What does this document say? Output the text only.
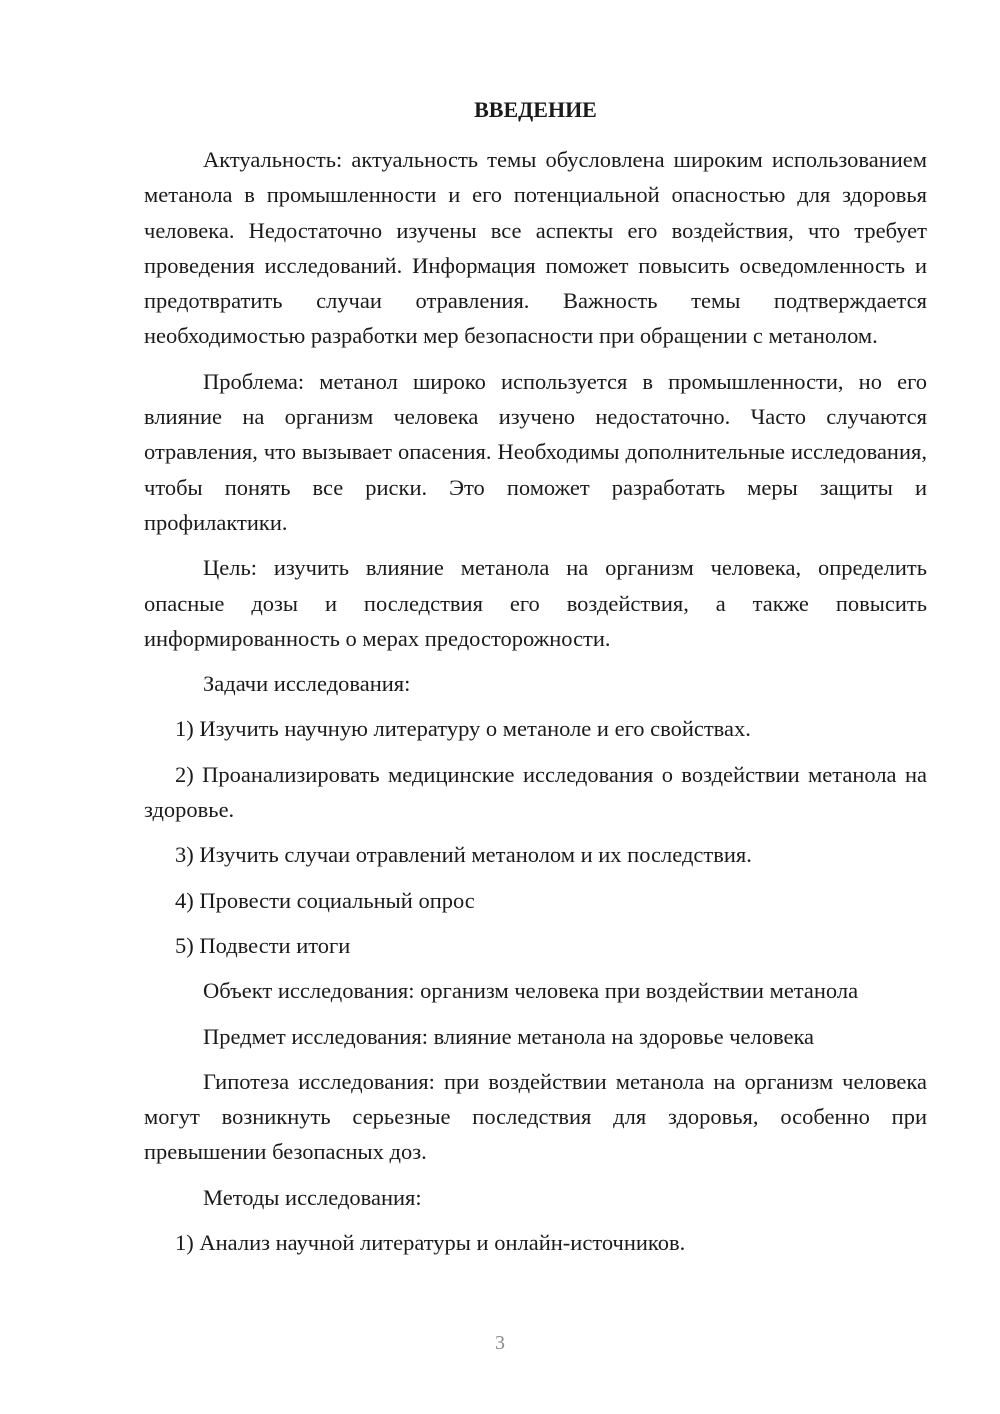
ВВЕДЕНИЕ

Актуальность: актуальность темы обусловлена широким использованием метанола в промышленности и его потенциальной опасностью для здоровья человека. Недостаточно изучены все аспекты его воздействия, что требует проведения исследований. Информация поможет повысить осведомленность и предотвратить случаи отравления. Важность темы подтверждается необходимостью разработки мер безопасности при обращении с метанолом.

Проблема: метанол широко используется в промышленности, но его влияние на организм человека изучено недостаточно. Часто случаются отравления, что вызывает опасения. Необходимы дополнительные исследования, чтобы понять все риски. Это поможет разработать меры защиты и профилактики.

Цель: изучить влияние метанола на организм человека, определить опасные дозы и последствия его воздействия, а также повысить информированность о мерах предосторожности.

Задачи исследования:

1) Изучить научную литературу о метаноле и его свойствах.

2) Проанализировать медицинские исследования о воздействии метанола на здоровье.

3) Изучить случаи отравлений метанолом и их последствия.

4) Провести социальный опрос

5) Подвести итоги

Объект исследования: организм человека при воздействии метанола

Предмет исследования: влияние метанола на здоровье человека

Гипотеза исследования: при воздействии метанола на организм человека могут возникнуть серьезные последствия для здоровья, особенно при превышении безопасных доз.

Методы исследования:

1) Анализ научной литературы и онлайн-источников.

3
